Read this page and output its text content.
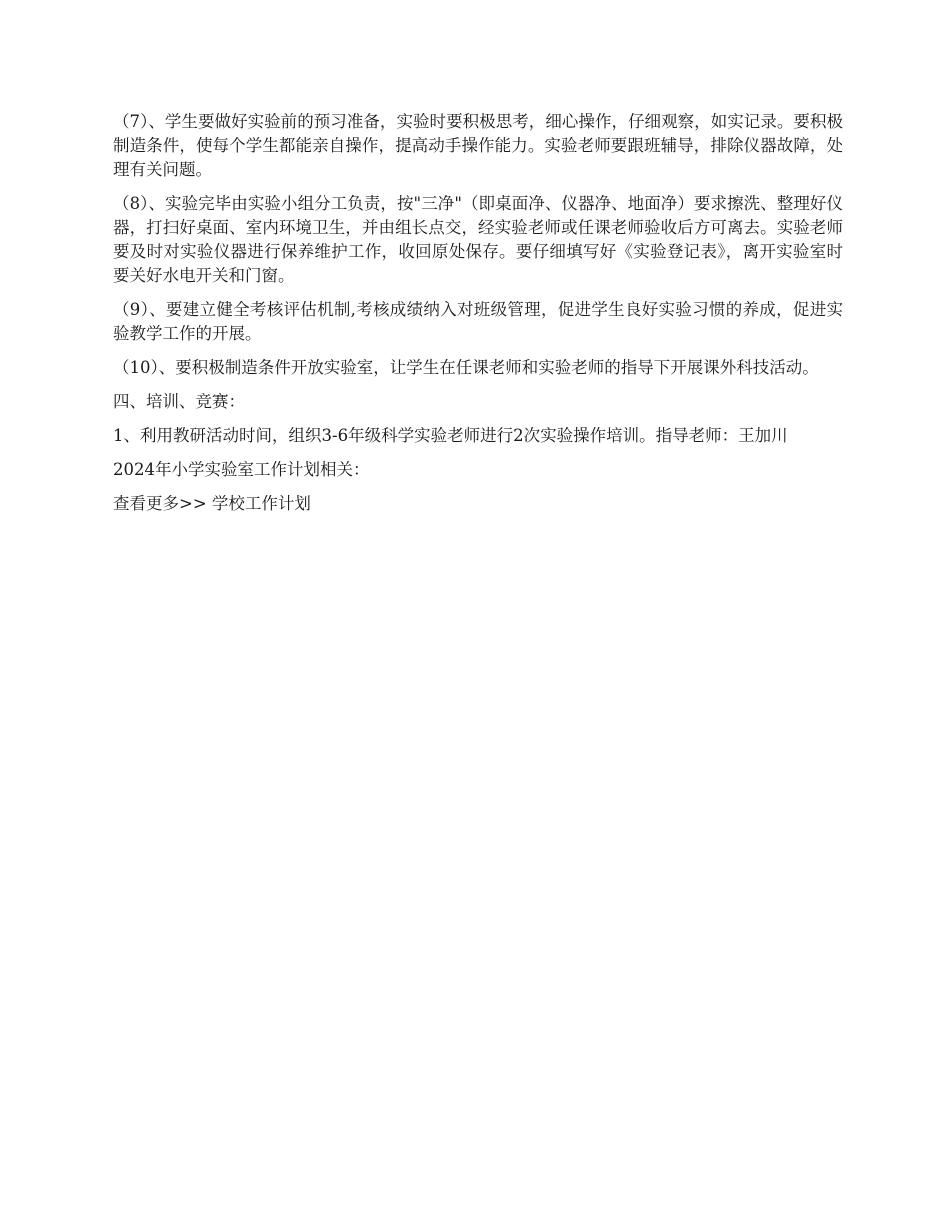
（7）、学生要做好实验前的预习准备，实验时要积极思考，细心操作，仔细观察，如实记录。要积极制造条件，使每个学生都能亲自操作，提高动手操作能力。实验老师要跟班辅导，排除仪器故障，处理有关问题。

（8）、实验完毕由实验小组分工负责，按"三净"（即桌面净、仪器净、地面净）要求擦洗、整理好仪器，打扫好桌面、室内环境卫生，并由组长点交，经实验老师或任课老师验收后方可离去。实验老师要及时对实验仪器进行保养维护工作，收回原处保存。要仔细填写好《实验登记表》，离开实验室时要关好水电开关和门窗。

（9）、要建立健全考核评估机制,考核成绩纳入对班级管理，促进学生良好实验习惯的养成，促进实验教学工作的开展。

（10）、要积极制造条件开放实验室，让学生在任课老师和实验老师的指导下开展课外科技活动。

四、培训、竞赛：

1、利用教研活动时间，组织3-6年级科学实验老师进行2次实验操作培训。指导老师：王加川

2024年小学实验室工作计划相关：

查看更多>> 学校工作计划
